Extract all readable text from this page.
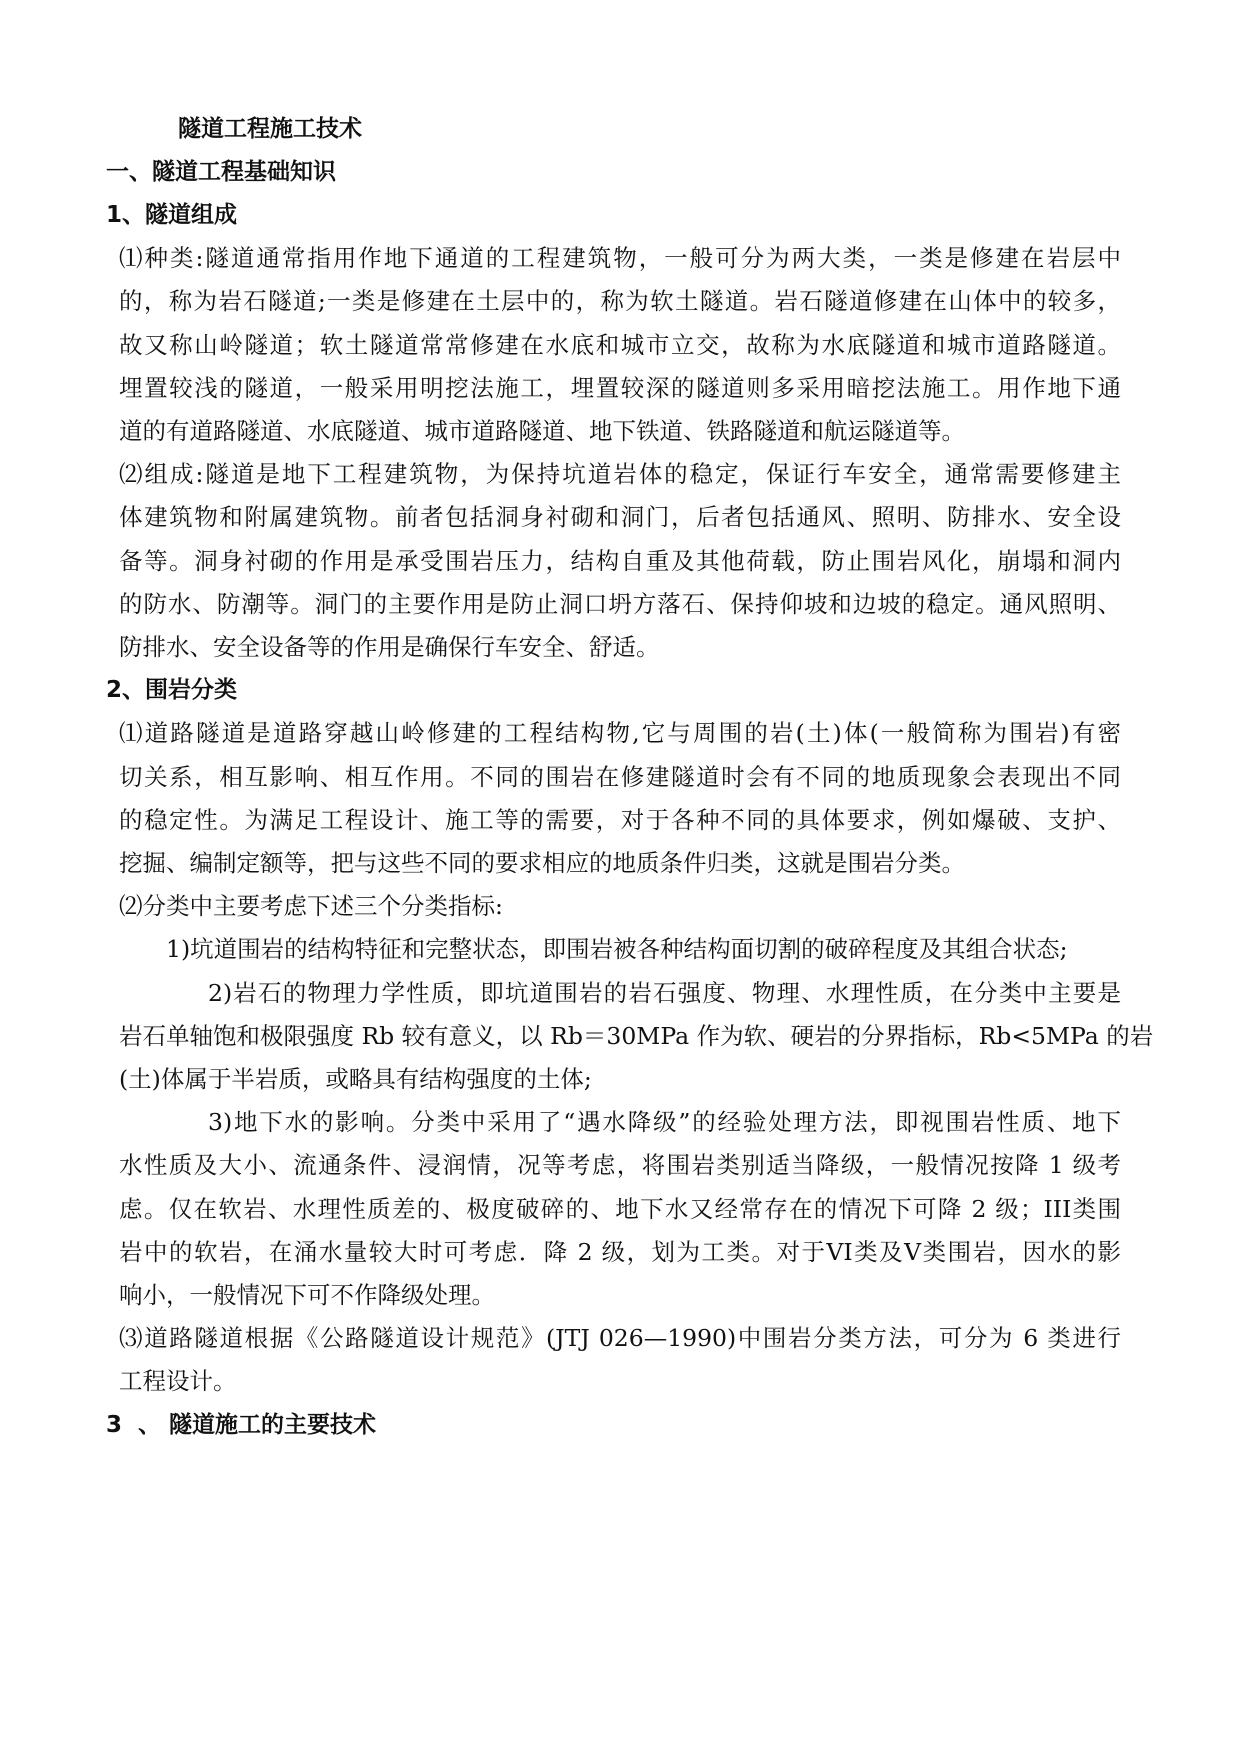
隧道工程施工技术
一、隧道工程基础知识
1、隧道组成
⑴种类:隧道通常指用作地下通道的工程建筑物，一般可分为两大类，一类是修建在岩层中
的，称为岩石隧道;一类是修建在土层中的，称为软土隧道。岩石隧道修建在山体中的较多，
故又称山岭隧道；软土隧道常常修建在水底和城市立交，故称为水底隧道和城市道路隧道。
埋置较浅的隧道，一般采用明挖法施工，埋置较深的隧道则多采用暗挖法施工。用作地下通
道的有道路隧道、水底隧道、城市道路隧道、地下铁道、铁路隧道和航运隧道等。
⑵组成:隧道是地下工程建筑物，为保持坑道岩体的稳定，保证行车安全，通常需要修建主
体建筑物和附属建筑物。前者包括洞身衬砌和洞门，后者包括通风、照明、防排水、安全设
备等。洞身衬砌的作用是承受围岩压力，结构自重及其他荷载，防止围岩风化，崩塌和洞内
的防水、防潮等。洞门的主要作用是防止洞口坍方落石、保持仰坡和边坡的稳定。通风照明、
防排水、安全设备等的作用是确保行车安全、舒适。
2、围岩分类
⑴道路隧道是道路穿越山岭修建的工程结构物,它与周围的岩(土)体(一般简称为围岩)有密
切关系，相互影响、相互作用。不同的围岩在修建隧道时会有不同的地质现象会表现出不同
的稳定性。为满足工程设计、施工等的需要，对于各种不同的具体要求，例如爆破、支护、
挖掘、编制定额等，把与这些不同的要求相应的地质条件归类，这就是围岩分类。
⑵分类中主要考虑下述三个分类指标:
1)坑道围岩的结构特征和完整状态，即围岩被各种结构面切割的破碎程度及其组合状态;
2)岩石的物理力学性质，即坑道围岩的岩石强度、物理、水理性质，在分类中主要是
岩石单轴饱和极限强度 Rb 较有意义，以 Rb＝30MPa 作为软、硬岩的分界指标，Rb<5MPa 的岩
(土)体属于半岩质，或略具有结构强度的土体;
3)地下水的影响。分类中采用了“遇水降级”的经验处理方法，即视围岩性质、地下
水性质及大小、流通条件、浸润情，况等考虑，将围岩类别适当降级，一般情况按降 1 级考
虑。仅在软岩、水理性质差的、极度破碎的、地下水又经常存在的情况下可降 2 级；III类围
岩中的软岩，在涌水量较大时可考虑．降 2 级，划为工类。对于VI类及Ⅴ类围岩，因水的影
响小，一般情况下可不作降级处理。
⑶道路隧道根据《公路隧道设计规范》(JTJ 026—1990)中围岩分类方法，可分为 6 类进行
工程设计。
3  、 隧道施工的主要技术
